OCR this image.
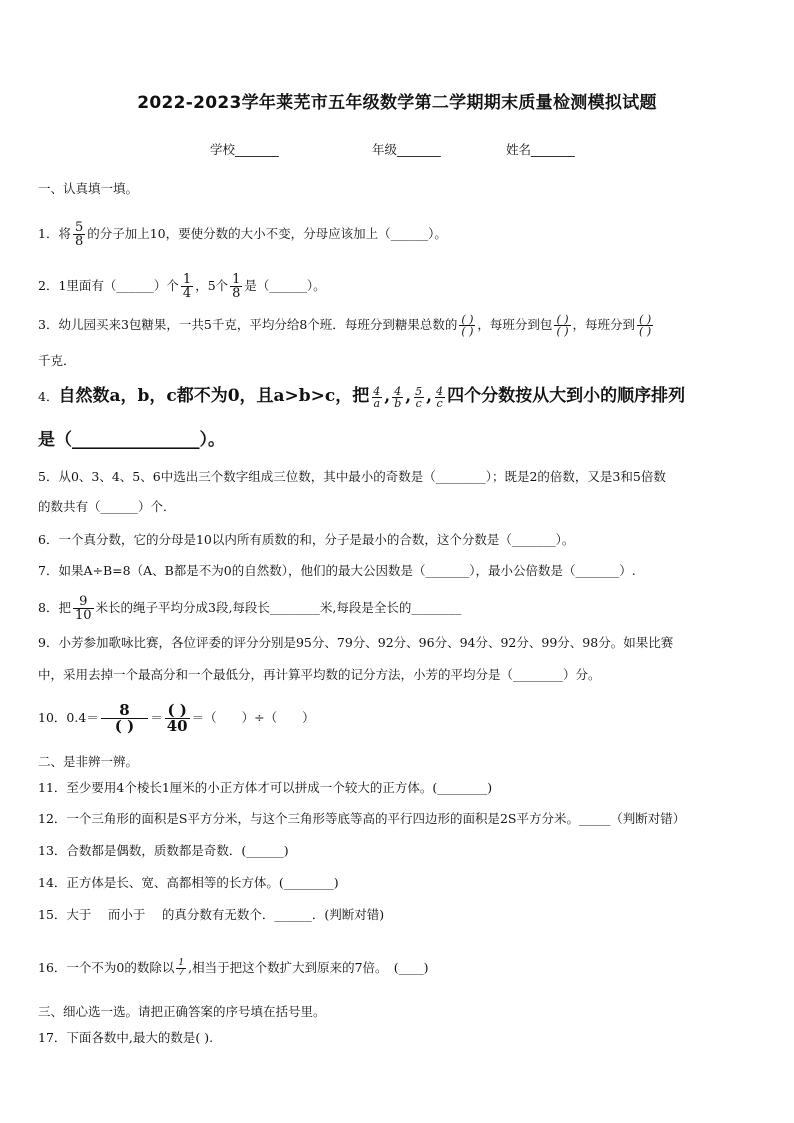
2022-2023学年莱芜市五年级数学第二学期期末质量检测模拟试题
学校_______	年级_______	姓名_______
一、认真填一填。
1．将 $\frac{5}{8}$ 的分子加上10，要使分数的大小不变，分母应该加上（______）。
2．1里面有（______）个 $\frac{1}{4}$ ，5个 $\frac{1}{8}$ 是（______）。
3．幼儿园买来3包糖果，一共5千克，平均分给8个班．每班分到糖果总数的 $\frac{( )}{( )}$ ，每班分到包 $\frac{( )}{( )}$ ，每班分到 $\frac{( )}{( )}$
千克．
4．自然数a，b，c都不为0，且a>b>c，把 $\frac{4}{a}$ , $\frac{4}{b}$ , $\frac{5}{c}$ , $\frac{4}{c}$ 四个分数按从大到小的顺序排列
是（_______________）。
5．从0、3、4、5、6中选出三个数字组成三位数，其中最小的奇数是（________）；既是2的倍数，又是3和5倍数
的数共有（______）个．
6．一个真分数，它的分母是10以内所有质数的和，分子是最小的合数，这个分数是（_______）。
7．如果A÷B=8（A、B都是不为0的自然数），他们的最大公因数是（_______），最小公倍数是（_______）.
8．把 $\frac{9}{10}$ 米长的绳子平均分成3段,每段长________米,每段是全长的________
9．小芳参加歌咏比赛，各位评委的评分分别是95分、79分、92分、96分、94分、92分、99分、98分。如果比赛
中，采用去掉一个最高分和一个最低分，再计算平均数的记分方法，小芳的平均分是（________）分。
10．$0.4= \frac{8}{( )} = \frac{( )}{40}$ ＝（　　）÷（　　）
二、是非辨一辨。
11．至少要用4个棱长1厘米的小正方体才可以拼成一个较大的正方体。(________)
12．一个三角形的面积是S平方分米，与这个三角形等底等高的平行四边形的面积是2S平方分米。_____（判断对错）
13．合数都是偶数，质数都是奇数．(______)
14．正方体是长、宽、高都相等的长方体。(________)
15．大于　 而小于　 的真分数有无数个．______．(判断对错)
16．一个不为0的数除以 $\frac{1}{7}$ ,相当于把这个数扩大到原来的7倍。　(____)
三、细心选一选。请把正确答案的序号填在括号里。
17．下面各数中,最大的数是( ).
